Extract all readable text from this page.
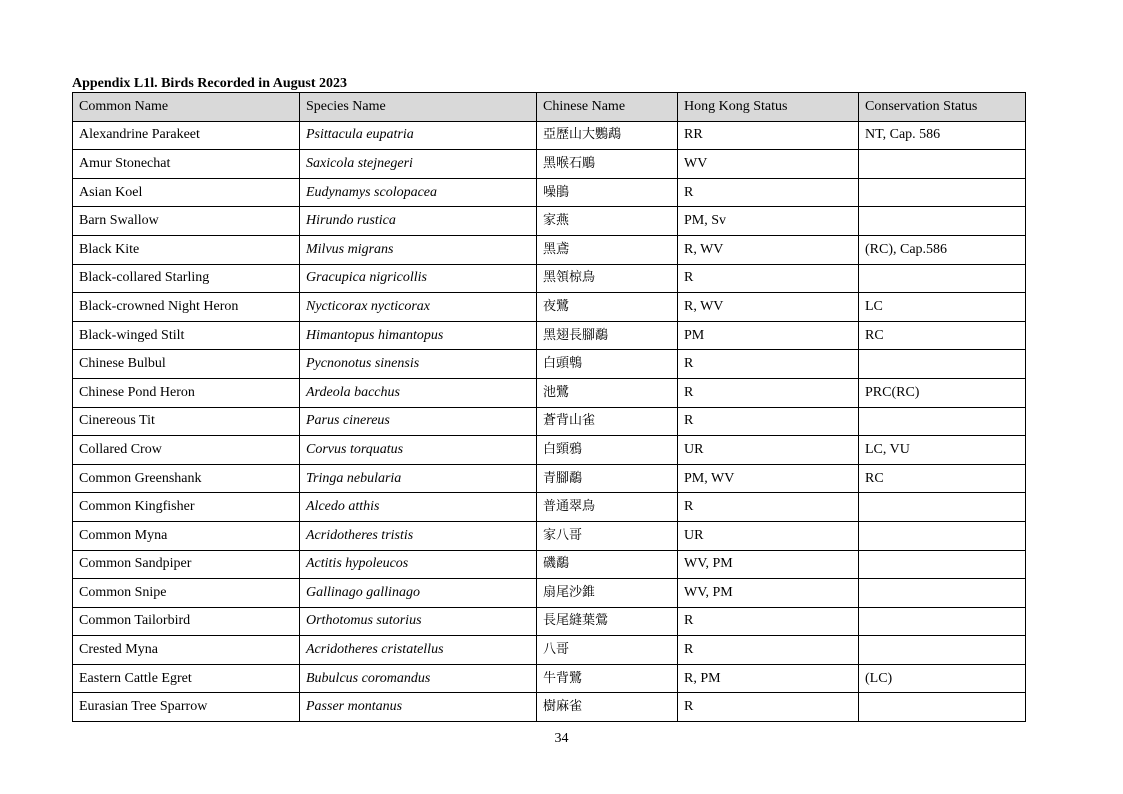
Appendix L1l. Birds Recorded in August 2023
Common Name	Species Name	Chinese Name	Hong Kong Status	Conservation Status
Alexandrine Parakeet	Psittacula eupatria	亞歷山大鸚鵡	RR	NT, Cap. 586
Amur Stonechat	Saxicola stejnegeri	黑喉石鵰	WV	
Asian Koel	Eudynamys scolopacea	噪鵑	R	
Barn Swallow	Hirundo rustica	家燕	PM, Sv	
Black Kite	Milvus migrans	黑鳶	R, WV	(RC), Cap.586
Black-collared Starling	Gracupica nigricollis	黑領椋鳥	R	
Black-crowned Night Heron	Nycticorax nycticorax	夜鷺	R, WV	LC
Black-winged Stilt	Himantopus himantopus	黑翅長腳鷸	PM	RC
Chinese Bulbul	Pycnonotus sinensis	白頭鵯	R	
Chinese Pond Heron	Ardeola bacchus	池鷺	R	PRC(RC)
Cinereous Tit	Parus cinereus	蒼背山雀	R	
Collared Crow	Corvus torquatus	白頸鴉	UR	LC, VU
Common Greenshank	Tringa nebularia	青腳鷸	PM, WV	RC
Common Kingfisher	Alcedo atthis	普通翠鳥	R	
Common Myna	Acridotheres tristis	家八哥	UR	
Common Sandpiper	Actitis hypoleucos	磯鷸	WV, PM	
Common Snipe	Gallinago gallinago	扇尾沙錐	WV, PM	
Common Tailorbird	Orthotomus sutorius	長尾縫葉鶯	R	
Crested Myna	Acridotheres cristatellus	八哥	R	
Eastern Cattle Egret	Bubulcus coromandus	牛背鷺	R, PM	(LC)
Eurasian Tree Sparrow	Passer montanus	樹麻雀	R	
34
